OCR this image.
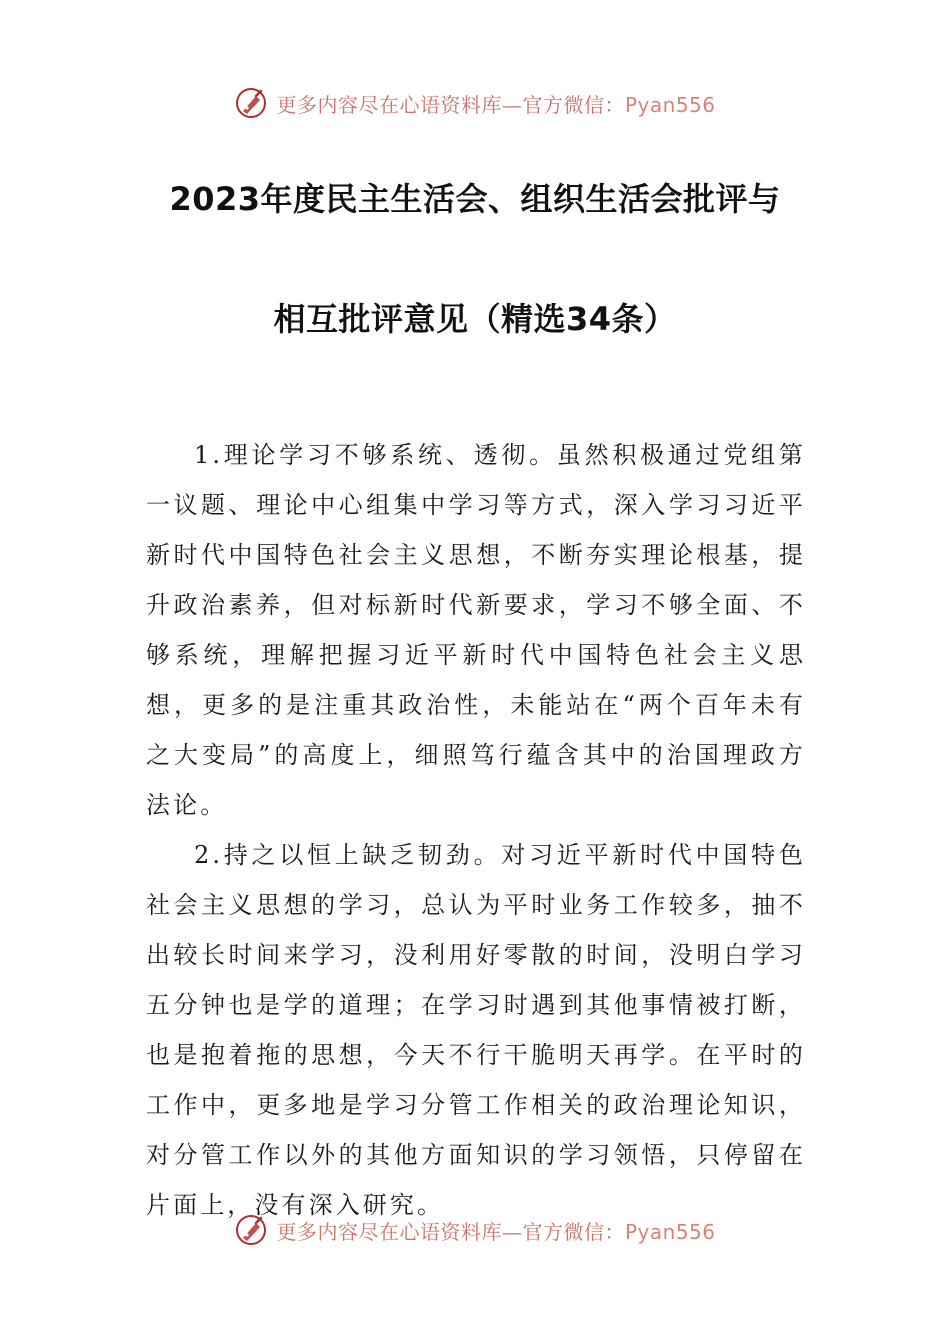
更多内容尽在心语资料库—官方微信：Pyan556
2023年度民主生活会、组织生活会批评与
相互批评意见（精选34条）

1.理论学习不够系统、透彻。虽然积极通过党组第一议题、理论中心组集中学习等方式，深入学习习近平新时代中国特色社会主义思想，不断夯实理论根基，提升政治素养，但对标新时代新要求，学习不够全面、不够系统，理解把握习近平新时代中国特色社会主义思想，更多的是注重其政治性，未能站在“两个百年未有之大变局”的高度上，细照笃行蕴含其中的治国理政方法论。

2.持之以恒上缺乏韧劲。对习近平新时代中国特色社会主义思想的学习，总认为平时业务工作较多，抽不出较长时间来学习，没利用好零散的时间，没明白学习五分钟也是学的道理；在学习时遇到其他事情被打断，也是抱着拖的思想，今天不行干脆明天再学。在平时的工作中，更多地是学习分管工作相关的政治理论知识，对分管工作以外的其他方面知识的学习领悟，只停留在片面上，没有深入研究。

更多内容尽在心语资料库—官方微信：Pyan556
